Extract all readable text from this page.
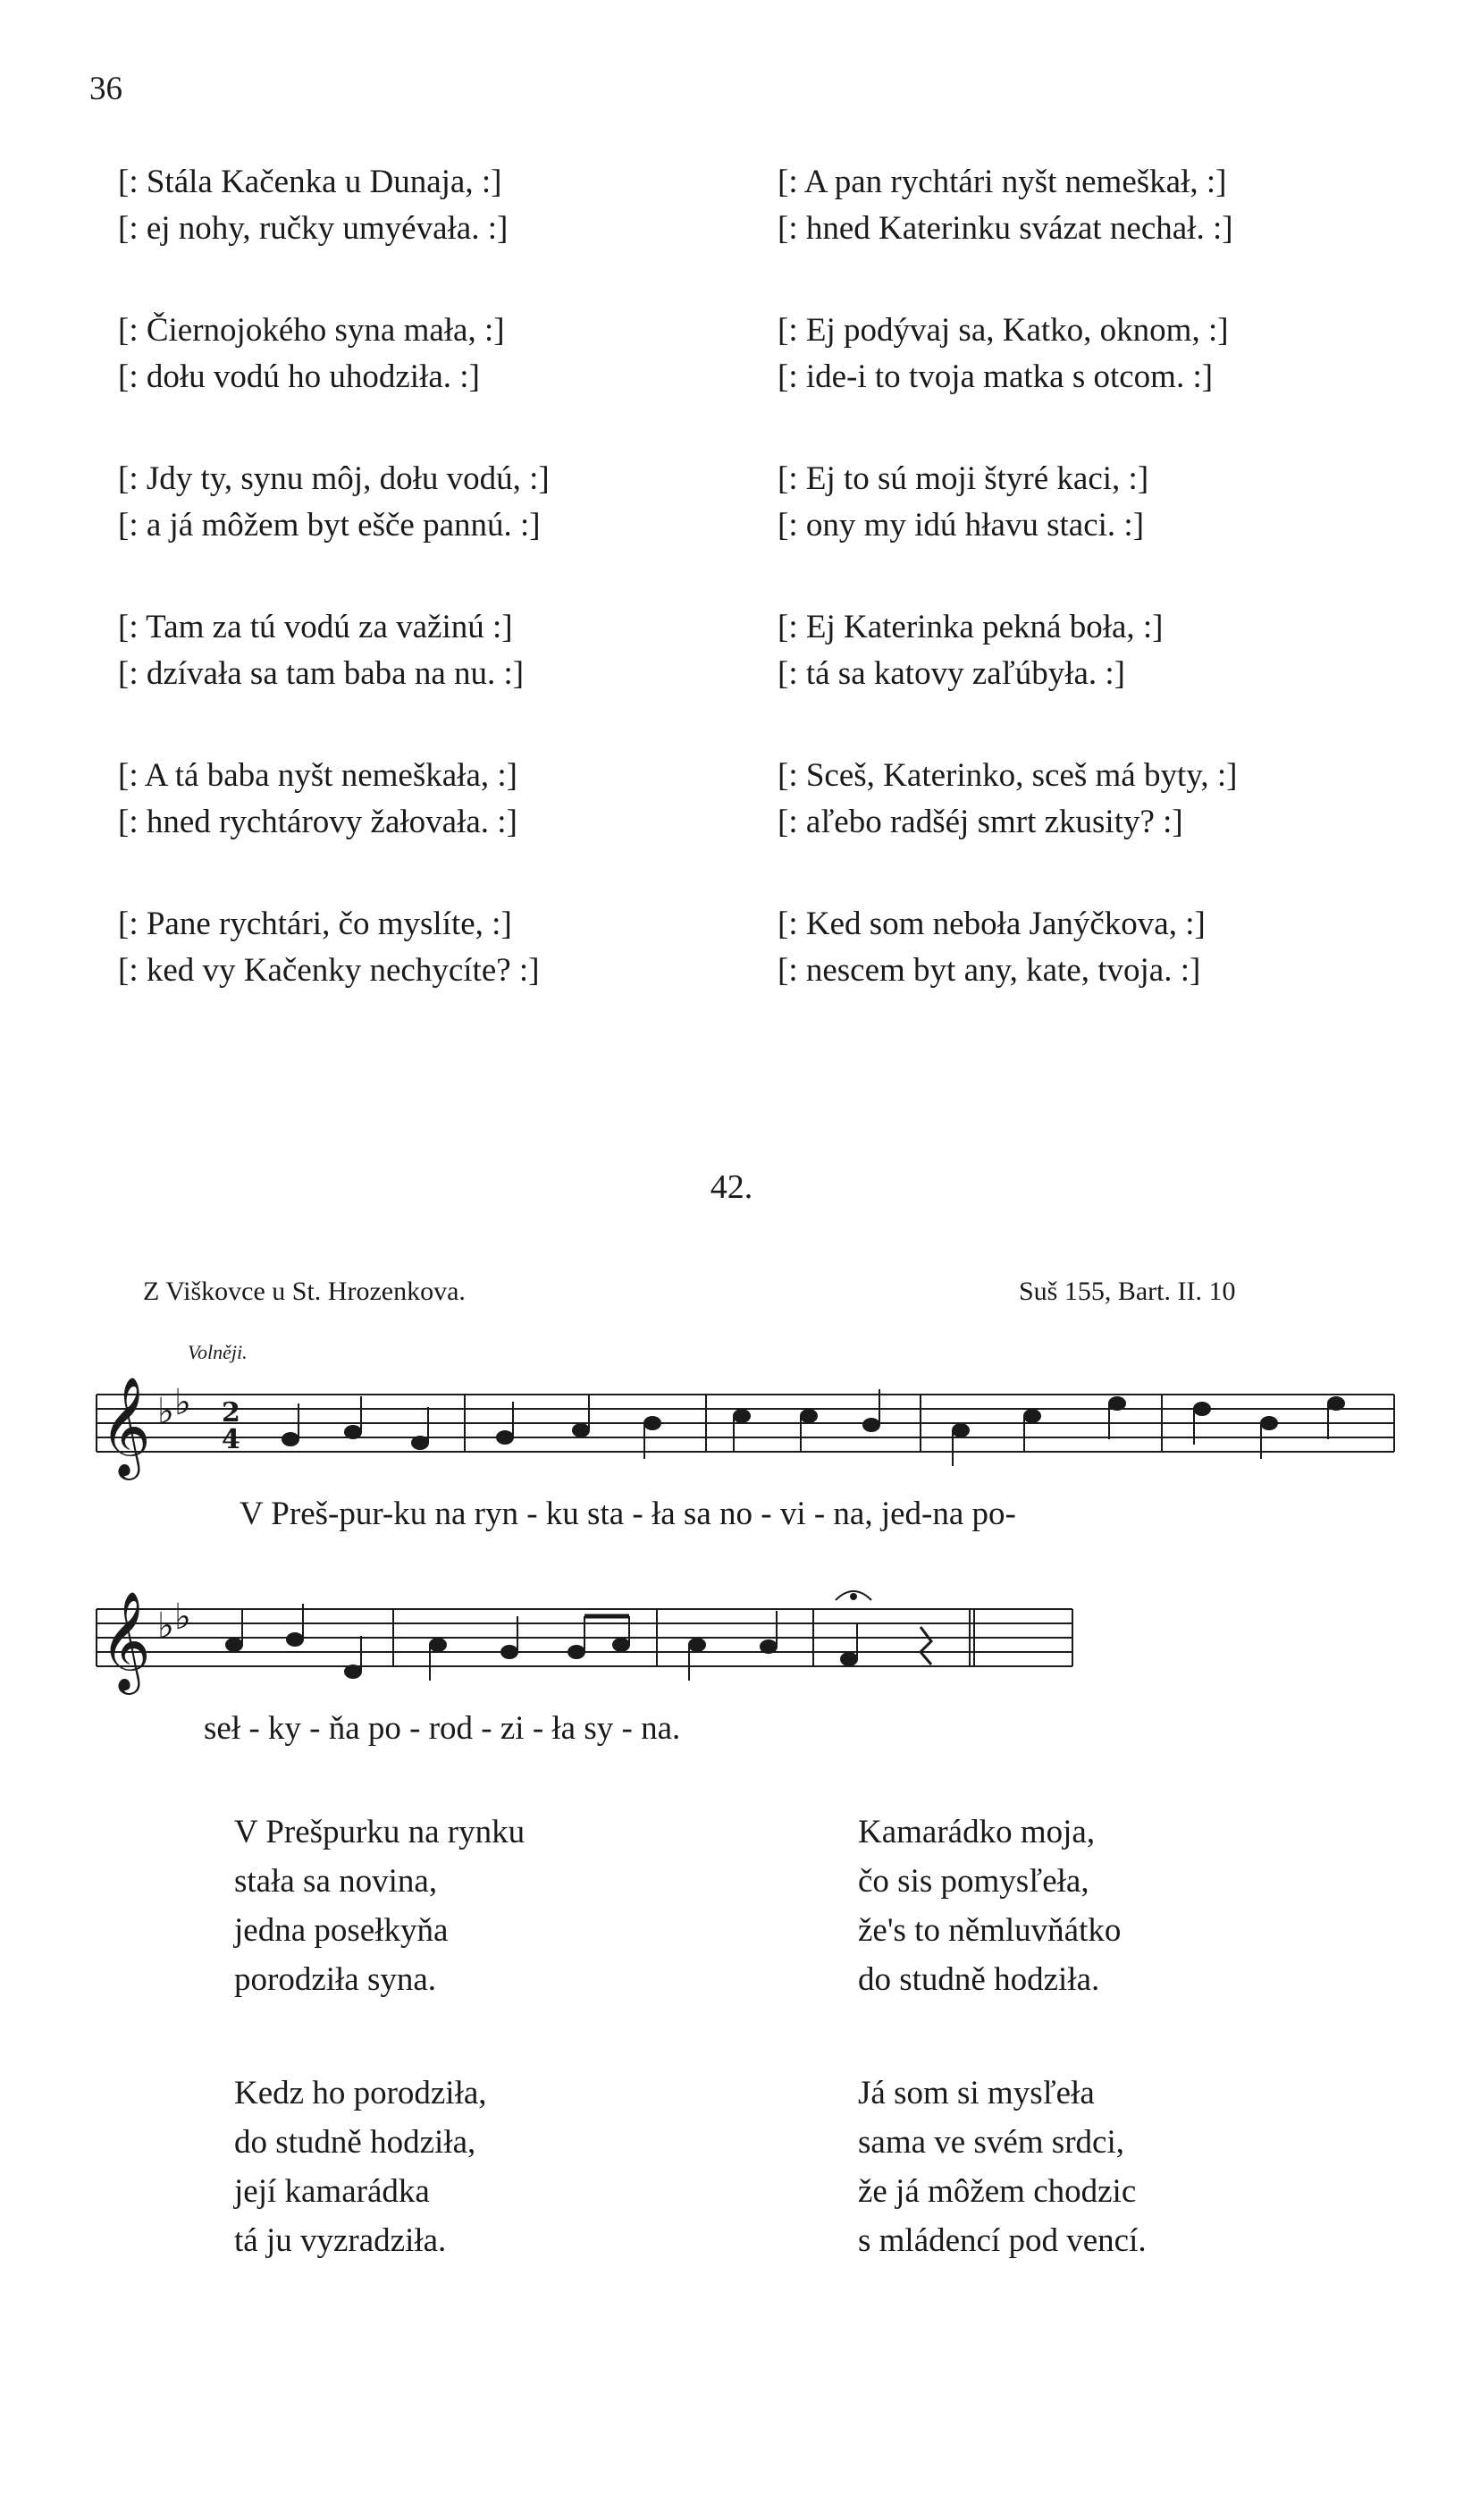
36
[: Stála Kačenka u Dunaja, :]
[: ej nohy, ručky umyévała. :]
[: Čiernojokého syna mała, :]
[: dołu vodú ho uhodziła. :]
[: Jdy ty, synu môj, dołu vodú, :]
[: a já môžem byt ešče pannú. :]
[: Tam za tú vodú za važinú :]
[: dzívała sa tam baba na nu. :]
[: A tá baba nyšt nemeškała, :]
[: hned rychtárovy žałovała. :]
[: Pane rychtári, čo myslíte, :]
[: ked vy Kačenky nechycíte? :]
[: A pan rychtári nyšt nemeškał, :]
[: hned Katerinku svázat nechał. :]
[: Ej podývaj sa, Katko, oknom, :]
[: ide-i to tvoja matka s otcom. :]
[: Ej to sú moji štyré kaci, :]
[: ony my idú hłavu staci. :]
[: Ej Katerinka pekná boła, :]
[: tá sa katovy zaľúbyła. :]
[: Sceš, Katerinko, sceš má byty, :]
[: aľebo radšéj smrt zkusity? :]
[: Ked som neboła Janýčkova, :]
[: nescem byt any, kate, tvoja. :]
42.
Z Viškovce u St. Hrozenkova.	Suš 155, Bart. II. 10
Volněji.
𝄞 ♭ ♭ 2
4
𝄞 ♭ ♭
V Preš-pur-ku na ryn - ku sta - ła sa no - vi - na, jed-na po-
seł - ky - ňa po - rod - zi - ła sy - na.
V Prešpurku na rynku
stała sa novina,
jedna posełkyňa
porodziła syna.
Kedz ho porodziła,
do studně hodziła,
její kamarádka
tá ju vyzradziła.
Kamarádko moja,
čo sis pomysľeła,
že's to němluvňátko
do studně hodziła.
Já som si mysľeła
sama ve svém srdci,
že já môžem chodzic
s mládencí pod vencí.
